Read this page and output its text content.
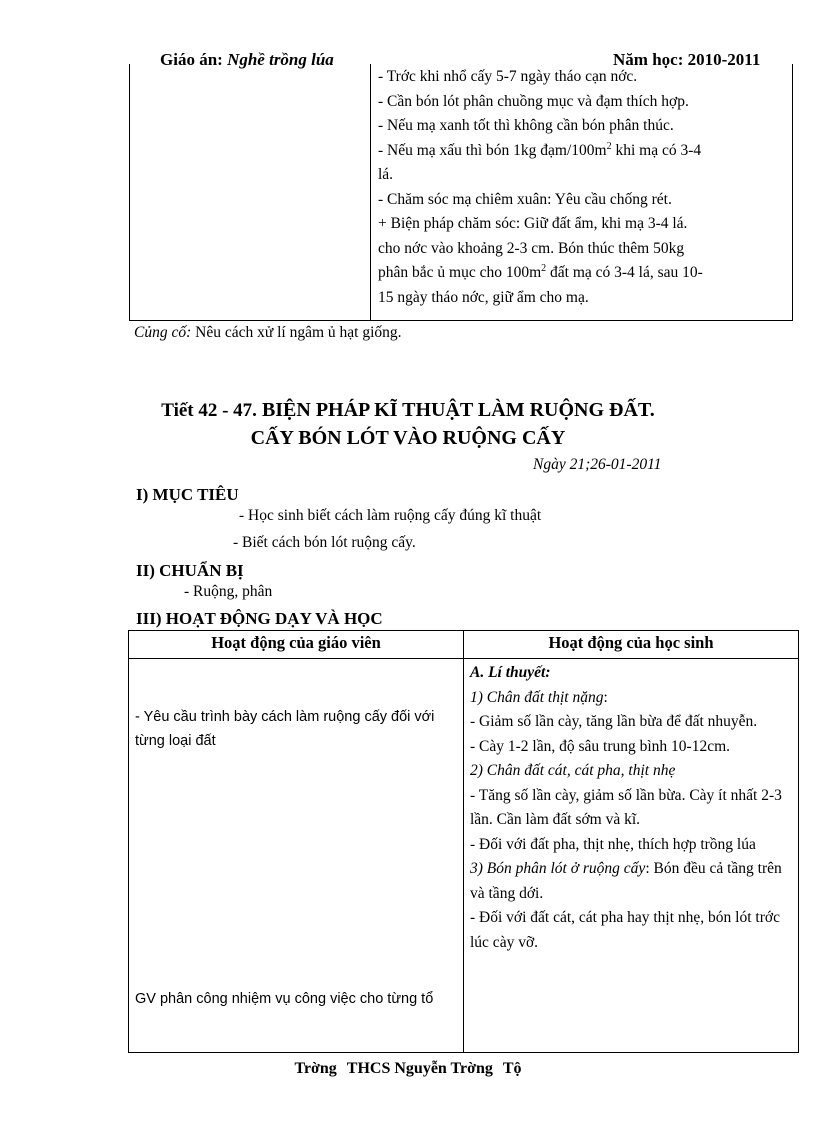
Giáo án: Nghề trồng lúa	Năm học: 2010-2011
- Trớc khi nhổ cấy 5-7 ngày tháo cạn nớc.
- Cần bón lót phân chuồng mục và đạm thích hợp.
- Nếu mạ xanh tốt thì không cần bón phân thúc.
- Nếu mạ xấu thì bón 1kg đạm/$100m^2$ khi mạ có 3-4
lá.
- Chăm sóc mạ chiêm xuân: Yêu cầu chống rét.
+ Biện pháp chăm sóc: Giữ đất ẩm, khi mạ 3-4 lá.
cho nớc vào khoảng 2-3 cm. Bón thúc thêm 50kg
phân bắc ủ mục cho $100m^2$ đất mạ có 3-4 lá, sau 10-
15 ngày tháo nớc, giữ ẩm cho mạ.
Củng cố: Nêu cách xử lí ngâm ủ hạt giống.
Tiết 42 - 47. BIỆN PHÁP KĨ THUẬT LÀM RUỘNG ĐẤT.
CẤY BÓN LÓT VÀO RUỘNG CẤY
Ngày 21;26-01-2011
I) MỤC TIÊU
- Học sinh biết cách làm ruộng cấy đúng kĩ thuật
- Biết cách bón lót ruộng cấy.
II) CHUẨN BỊ
- Ruộng, phân
III) HOẠT ĐỘNG DẠY VÀ HỌC
Hoạt động của giáo viên	Hoạt động của học sinh
- Yêu cầu trình bày cách làm ruộng cấy đối với từng loại đất
GV phân công nhiệm vụ công việc cho từng tổ
A. Lí thuyết:
1) Chân đất thịt nặng:
- Giảm số lần cày, tăng lần bừa để đất nhuyễn.
- Cày 1-2 lần, độ sâu trung bình 10-12cm.
2) Chân đất cát, cát pha, thịt nhẹ
- Tăng số lần cày, giảm số lần bừa. Cày ít nhất 2-3 lần. Cần làm đất sớm và kĩ.
- Đối với đất pha, thịt nhẹ, thích hợp trồng lúa
3) Bón phân lót ở ruộng cấy: Bón đều cả tầng trên và tầng dới.
- Đối với đất cát, cát pha hay thịt nhẹ, bón lót trớc lúc cày vỡ.
Trờng THCS Nguyễn Trờng Tộ
